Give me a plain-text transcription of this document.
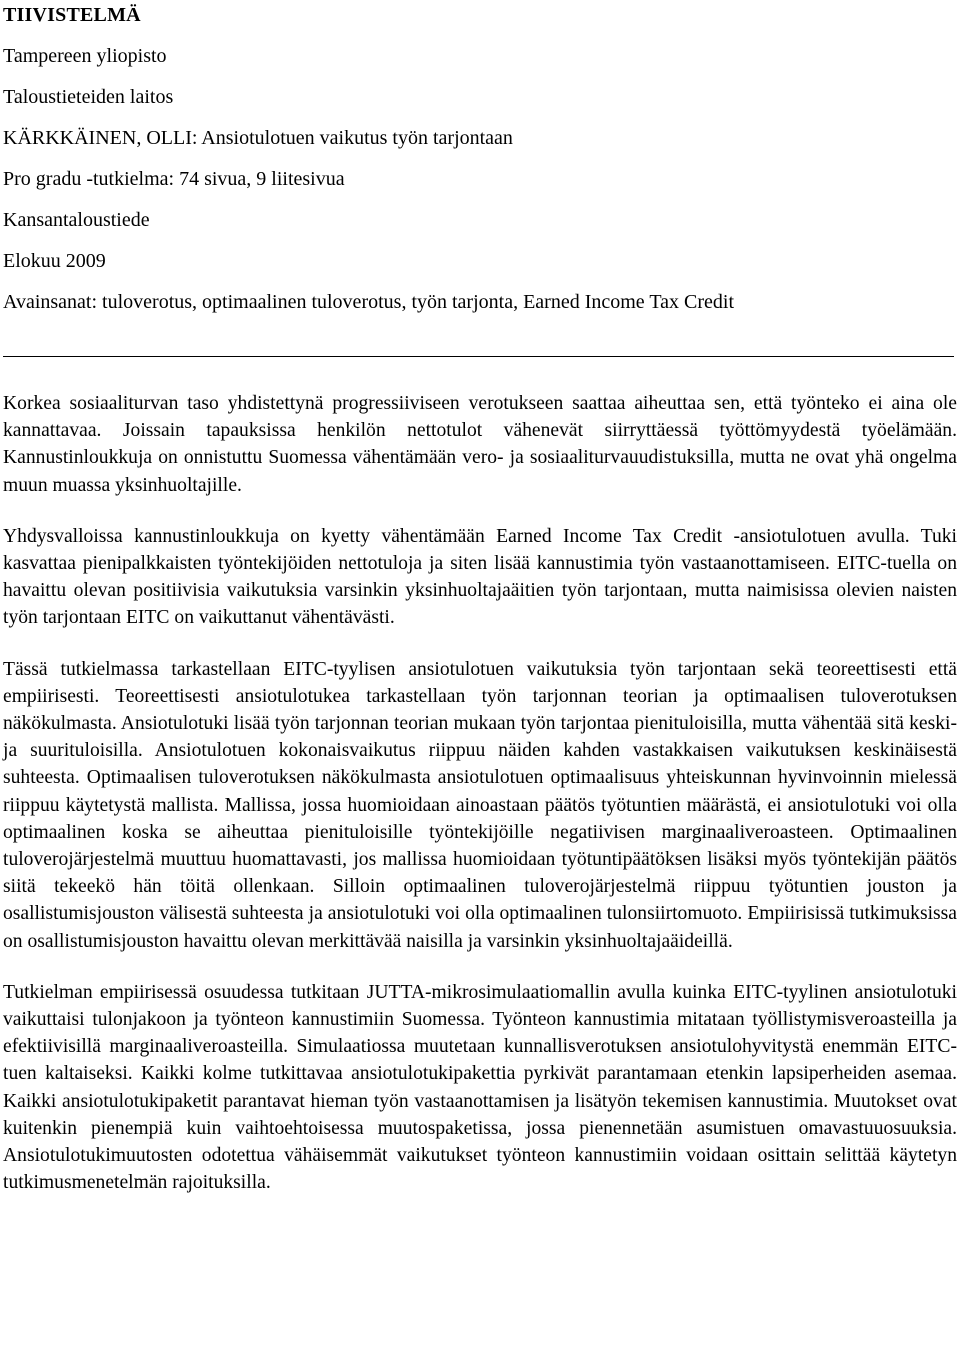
TIIVISTELMÄ
Tampereen yliopisto
Taloustieteiden laitos
KÄRKKÄINEN, OLLI: Ansiotulotuen vaikutus työn tarjontaan
Pro gradu -tutkielma: 74 sivua, 9 liitesivua
Kansantaloustiede
Elokuu 2009
Avainsanat: tuloverotus, optimaalinen tuloverotus, työn tarjonta, Earned Income Tax Credit

Korkea sosiaaliturvan taso yhdistettynä progressiiviseen verotukseen saattaa aiheuttaa sen, että työnteko ei aina ole kannattavaa. Joissain tapauksissa henkilön nettotulot vähenevät siirryttäessä työttömyydestä työelämään. Kannustinloukkuja on onnistuttu Suomessa vähentämään vero- ja sosiaaliturvauudistuksilla, mutta ne ovat yhä ongelma muun muassa yksinhuoltajille.

Yhdysvalloissa kannustinloukkuja on kyetty vähentämään Earned Income Tax Credit -ansiotulotuen avulla. Tuki kasvattaa pienipalkkaisten työntekijöiden nettotuloja ja siten lisää kannustimia työn vastaanottamiseen. EITC-tuella on havaittu olevan positiivisia vaikutuksia varsinkin yksinhuoltajaäitien työn tarjontaan, mutta naimisissa olevien naisten työn tarjontaan EITC on vaikuttanut vähentävästi.

Tässä tutkielmassa tarkastellaan EITC-tyylisen ansiotulotuen vaikutuksia työn tarjontaan sekä teoreettisesti että empiirisesti. Teoreettisesti ansiotulotukea tarkastellaan työn tarjonnan teorian ja optimaalisen tuloverotuksen näkökulmasta. Ansiotulotuki lisää työn tarjonnan teorian mukaan työn tarjontaa pienituloisilla, mutta vähentää sitä keski- ja suurituloisilla. Ansiotulotuen kokonaisvaikutus riippuu näiden kahden vastakkaisen vaikutuksen keskinäisestä suhteesta. Optimaalisen tuloverotuksen näkökulmasta ansiotulotuen optimaalisuus yhteiskunnan hyvinvoinnin mielessä riippuu käytetystä mallista. Mallissa, jossa huomioidaan ainoastaan päätös työtuntien määrästä, ei ansiotulotuki voi olla optimaalinen koska se aiheuttaa pienituloisille työntekijöille negatiivisen marginaaliveroasteen. Optimaalinen tuloverojärjestelmä muuttuu huomattavasti, jos mallissa huomioidaan työtuntipäätöksen lisäksi myös työntekijän päätös siitä tekeekö hän töitä ollenkaan. Silloin optimaalinen tuloverojärjestelmä riippuu työtuntien jouston ja osallistumisjouston välisestä suhteesta ja ansiotulotuki voi olla optimaalinen tulonsiirtomuoto. Empiirisissä tutkimuksissa on osallistumisjouston havaittu olevan merkittävää naisilla ja varsinkin yksinhuoltajaäideillä.

Tutkielman empiirisessä osuudessa tutkitaan JUTTA-mikrosimulaatiomallin avulla kuinka EITC-tyylinen ansiotulotuki vaikuttaisi tulonjakoon ja työnteon kannustimiin Suomessa. Työnteon kannustimia mitataan työllistymisveroasteilla ja efektiivisillä marginaaliveroasteilla. Simulaatiossa muutetaan kunnallisverotuksen ansiotulohyvitystä enemmän EITC-tuen kaltaiseksi. Kaikki kolme tutkittavaa ansiotulotukipakettia pyrkivät parantamaan etenkin lapsiperheiden asemaa. Kaikki ansiotulotukipaketit parantavat hieman työn vastaanottamisen ja lisätyön tekemisen kannustimia. Muutokset ovat kuitenkin pienempiä kuin vaihtoehtoisessa muutospaketissa, jossa pienennetään asumistuen omavastuuosuuksia. Ansiotulotukimuutosten odotettua vähäisemmät vaikutukset työnteon kannustimiin voidaan osittain selittää käytetyn tutkimusmenetelmän rajoituksilla.
